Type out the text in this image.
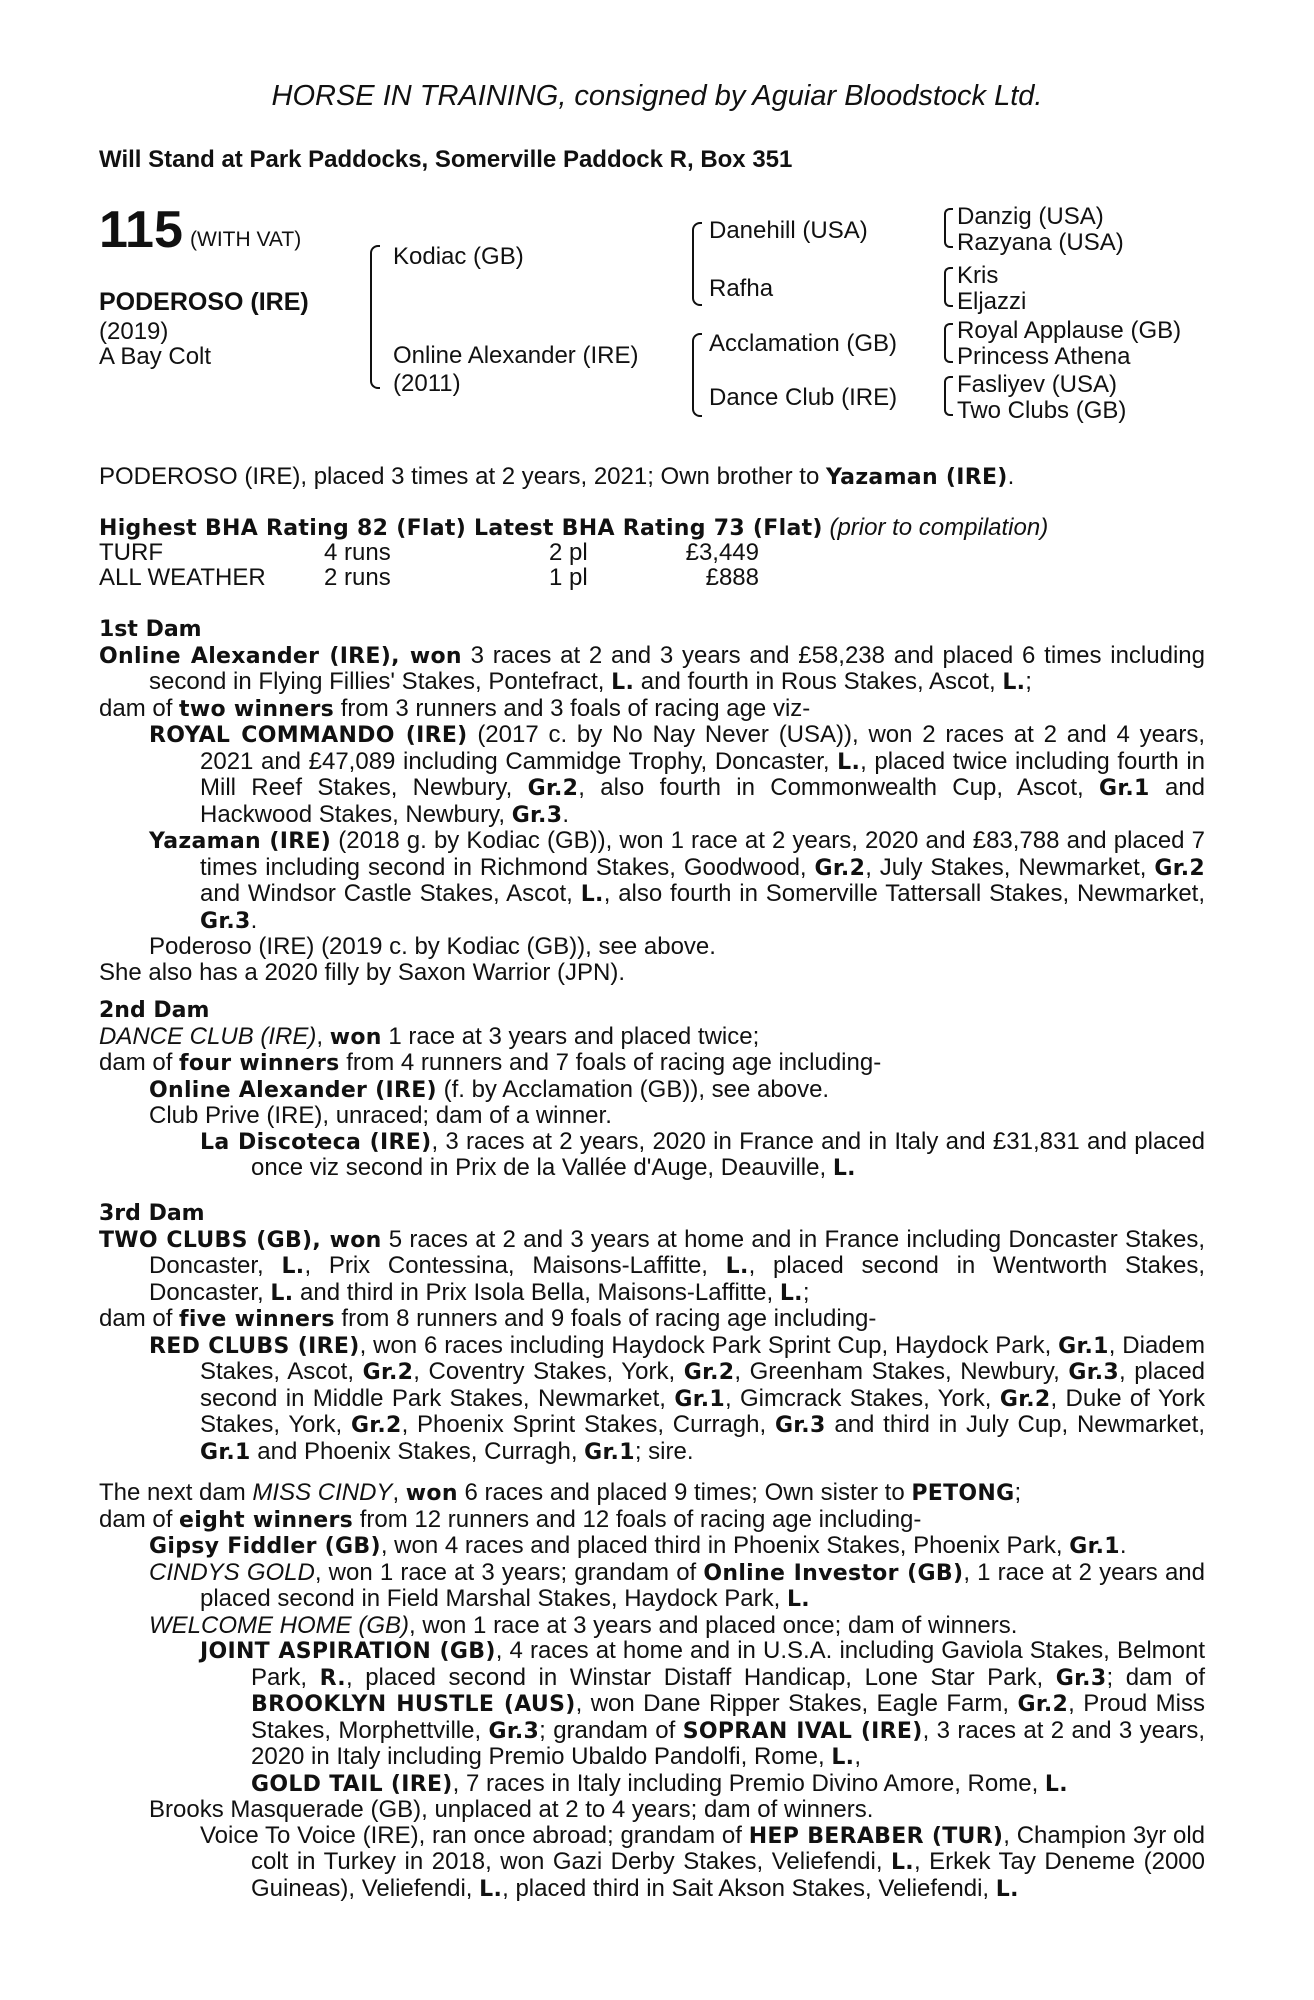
HORSE IN TRAINING, consigned by Aguiar Bloodstock Ltd.
Will Stand at Park Paddocks, Somerville Paddock R, Box 351
115 (WITH VAT)
PODEROSO (IRE)
(2019)
A Bay Colt
Kodiac (GB)
Online Alexander (IRE)
(2011)
Danehill (USA)
Rafha
Acclamation (GB)
Dance Club (IRE)
Danzig (USA)
Razyana (USA)
Kris
Eljazzi
Royal Applause (GB)
Princess Athena
Fasliyev (USA)
Two Clubs (GB)
PODEROSO (IRE), placed 3 times at 2 years, 2021; Own brother to Yazaman (IRE).
Highest BHA Rating 82 (Flat) Latest BHA Rating 73 (Flat) (prior to compilation)
TURF	4 runs	2 pl	£3,449
ALL WEATHER	2 runs	1 pl	£888

1st Dam

Online Alexander (IRE), won 3 races at 2 and 3 years and £58,238 and placed 6 times including second in Flying Fillies' Stakes, Pontefract, L. and fourth in Rous Stakes, Ascot, L.;

dam of two winners from 3 runners and 3 foals of racing age viz-

ROYAL COMMANDO (IRE) (2017 c. by No Nay Never (USA)), won 2 races at 2 and 4 years, 2021 and £47,089 including Cammidge Trophy, Doncaster, L., placed twice including fourth in Mill Reef Stakes, Newbury, Gr.2, also fourth in Commonwealth Cup, Ascot, Gr.1 and Hackwood Stakes, Newbury, Gr.3.

Yazaman (IRE) (2018 g. by Kodiac (GB)), won 1 race at 2 years, 2020 and £83,788 and placed 7 times including second in Richmond Stakes, Goodwood, Gr.2, July Stakes, Newmarket, Gr.2 and Windsor Castle Stakes, Ascot, L., also fourth in Somerville Tattersall Stakes, Newmarket, Gr.3.

Poderoso (IRE) (2019 c. by Kodiac (GB)), see above.

She also has a 2020 filly by Saxon Warrior (JPN).

2nd Dam

DANCE CLUB (IRE), won 1 race at 3 years and placed twice;

dam of four winners from 4 runners and 7 foals of racing age including-

Online Alexander (IRE) (f. by Acclamation (GB)), see above.

Club Prive (IRE), unraced; dam of a winner.

La Discoteca (IRE), 3 races at 2 years, 2020 in France and in Italy and £31,831 and placed once viz second in Prix de la Vallée d'Auge, Deauville, L.

3rd Dam

TWO CLUBS (GB), won 5 races at 2 and 3 years at home and in France including Doncaster Stakes, Doncaster, L., Prix Contessina, Maisons-Laffitte, L., placed second in Wentworth Stakes, Doncaster, L. and third in Prix Isola Bella, Maisons-Laffitte, L.;

dam of five winners from 8 runners and 9 foals of racing age including-

RED CLUBS (IRE), won 6 races including Haydock Park Sprint Cup, Haydock Park, Gr.1, Diadem Stakes, Ascot, Gr.2, Coventry Stakes, York, Gr.2, Greenham Stakes, Newbury, Gr.3, placed second in Middle Park Stakes, Newmarket, Gr.1, Gimcrack Stakes, York, Gr.2, Duke of York Stakes, York, Gr.2, Phoenix Sprint Stakes, Curragh, Gr.3 and third in July Cup, Newmarket, Gr.1 and Phoenix Stakes, Curragh, Gr.1; sire.

The next dam MISS CINDY, won 6 races and placed 9 times; Own sister to PETONG;

dam of eight winners from 12 runners and 12 foals of racing age including-

Gipsy Fiddler (GB), won 4 races and placed third in Phoenix Stakes, Phoenix Park, Gr.1.

CINDYS GOLD, won 1 race at 3 years; grandam of Online Investor (GB), 1 race at 2 years and placed second in Field Marshal Stakes, Haydock Park, L.

WELCOME HOME (GB), won 1 race at 3 years and placed once; dam of winners.

JOINT ASPIRATION (GB), 4 races at home and in U.S.A. including Gaviola Stakes, Belmont Park, R., placed second in Winstar Distaff Handicap, Lone Star Park, Gr.3; dam of BROOKLYN HUSTLE (AUS), won Dane Ripper Stakes, Eagle Farm, Gr.2, Proud Miss Stakes, Morphettville, Gr.3; grandam of SOPRAN IVAL (IRE), 3 races at 2 and 3 years, 2020 in Italy including Premio Ubaldo Pandolfi, Rome, L.,

GOLD TAIL (IRE), 7 races in Italy including Premio Divino Amore, Rome, L.

Brooks Masquerade (GB), unplaced at 2 to 4 years; dam of winners.

Voice To Voice (IRE), ran once abroad; grandam of HEP BERABER (TUR), Champion 3yr old colt in Turkey in 2018, won Gazi Derby Stakes, Veliefendi, L., Erkek Tay Deneme (2000 Guineas), Veliefendi, L., placed third in Sait Akson Stakes, Veliefendi, L.
